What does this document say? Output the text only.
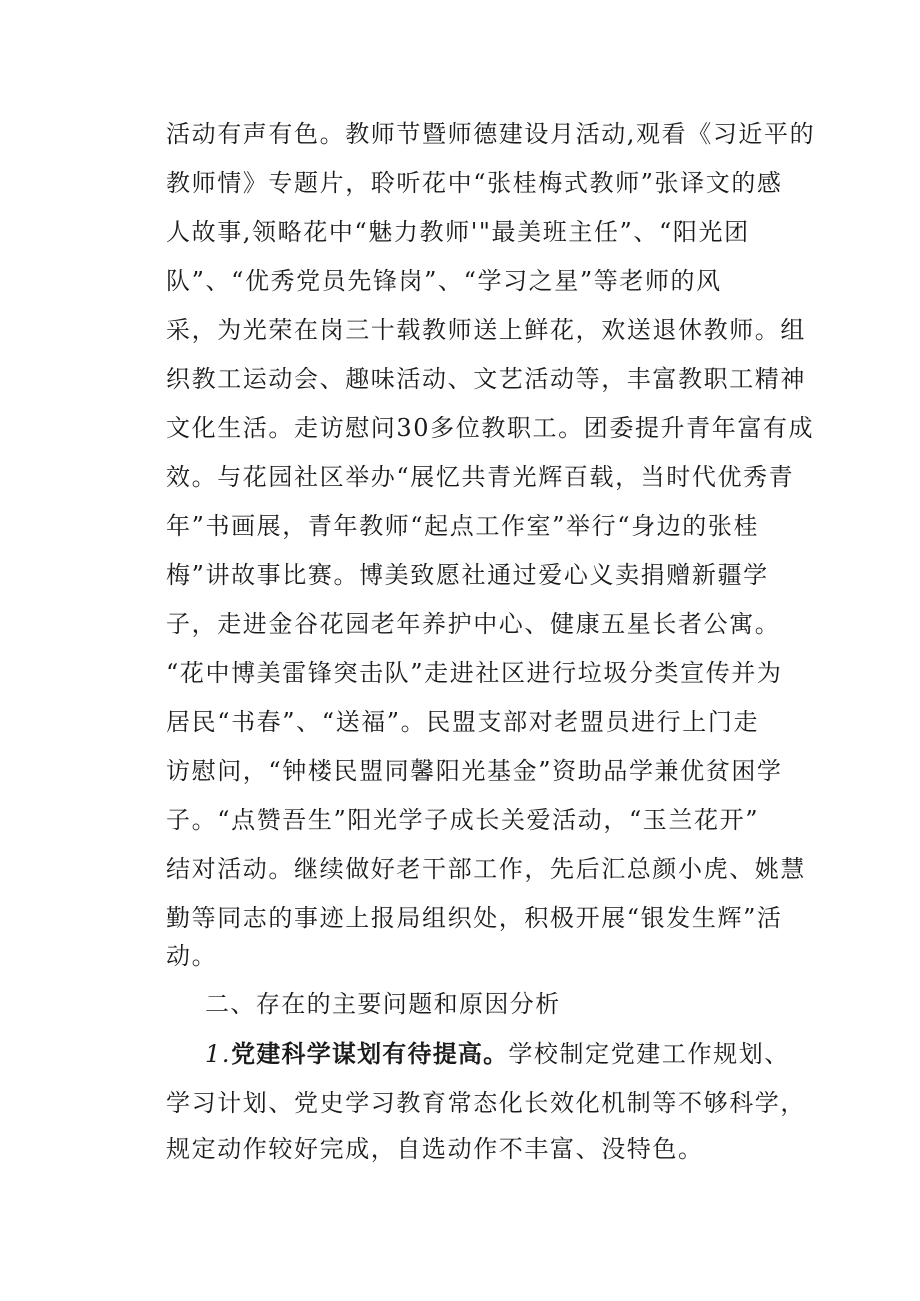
活动有声有色。教师节暨师德建设月活动,观看《习近平的
教师情》专题片，聆听花中“张桂梅式教师”张译文的感
人故事,领略花中“魅力教师'"最美班主任”、“阳光团
队”、“优秀党员先锋岗”、“学习之星”等老师的风
采，为光荣在岗三十载教师送上鲜花，欢送退休教师。组
织教工运动会、趣味活动、文艺活动等，丰富教职工精神
文化生活。走访慰问30多位教职工。团委提升青年富有成
效。与花园社区举办“展忆共青光辉百载，当时代优秀青
年”书画展，青年教师“起点工作室”举行“身边的张桂
梅”讲故事比赛。博美致愿社通过爱心义卖捐赠新疆学
子，走进金谷花园老年养护中心、健康五星长者公寓。
“花中博美雷锋突击队”走进社区进行垃圾分类宣传并为
居民“书春”、“送福”。民盟支部对老盟员进行上门走
访慰问，“钟楼民盟同馨阳光基金”资助品学兼优贫困学
子。“点赞吾生”阳光学子成长关爱活动，“玉兰花开”
结对活动。继续做好老干部工作，先后汇总颜小虎、姚慧
勤等同志的事迹上报局组织处，积极开展“银发生辉”活
动。
二、存在的主要问题和原因分析
1.党建科学谋划有待提高。学校制定党建工作规划、
学习计划、党史学习教育常态化长效化机制等不够科学，
规定动作较好完成，自选动作不丰富、没特色。
